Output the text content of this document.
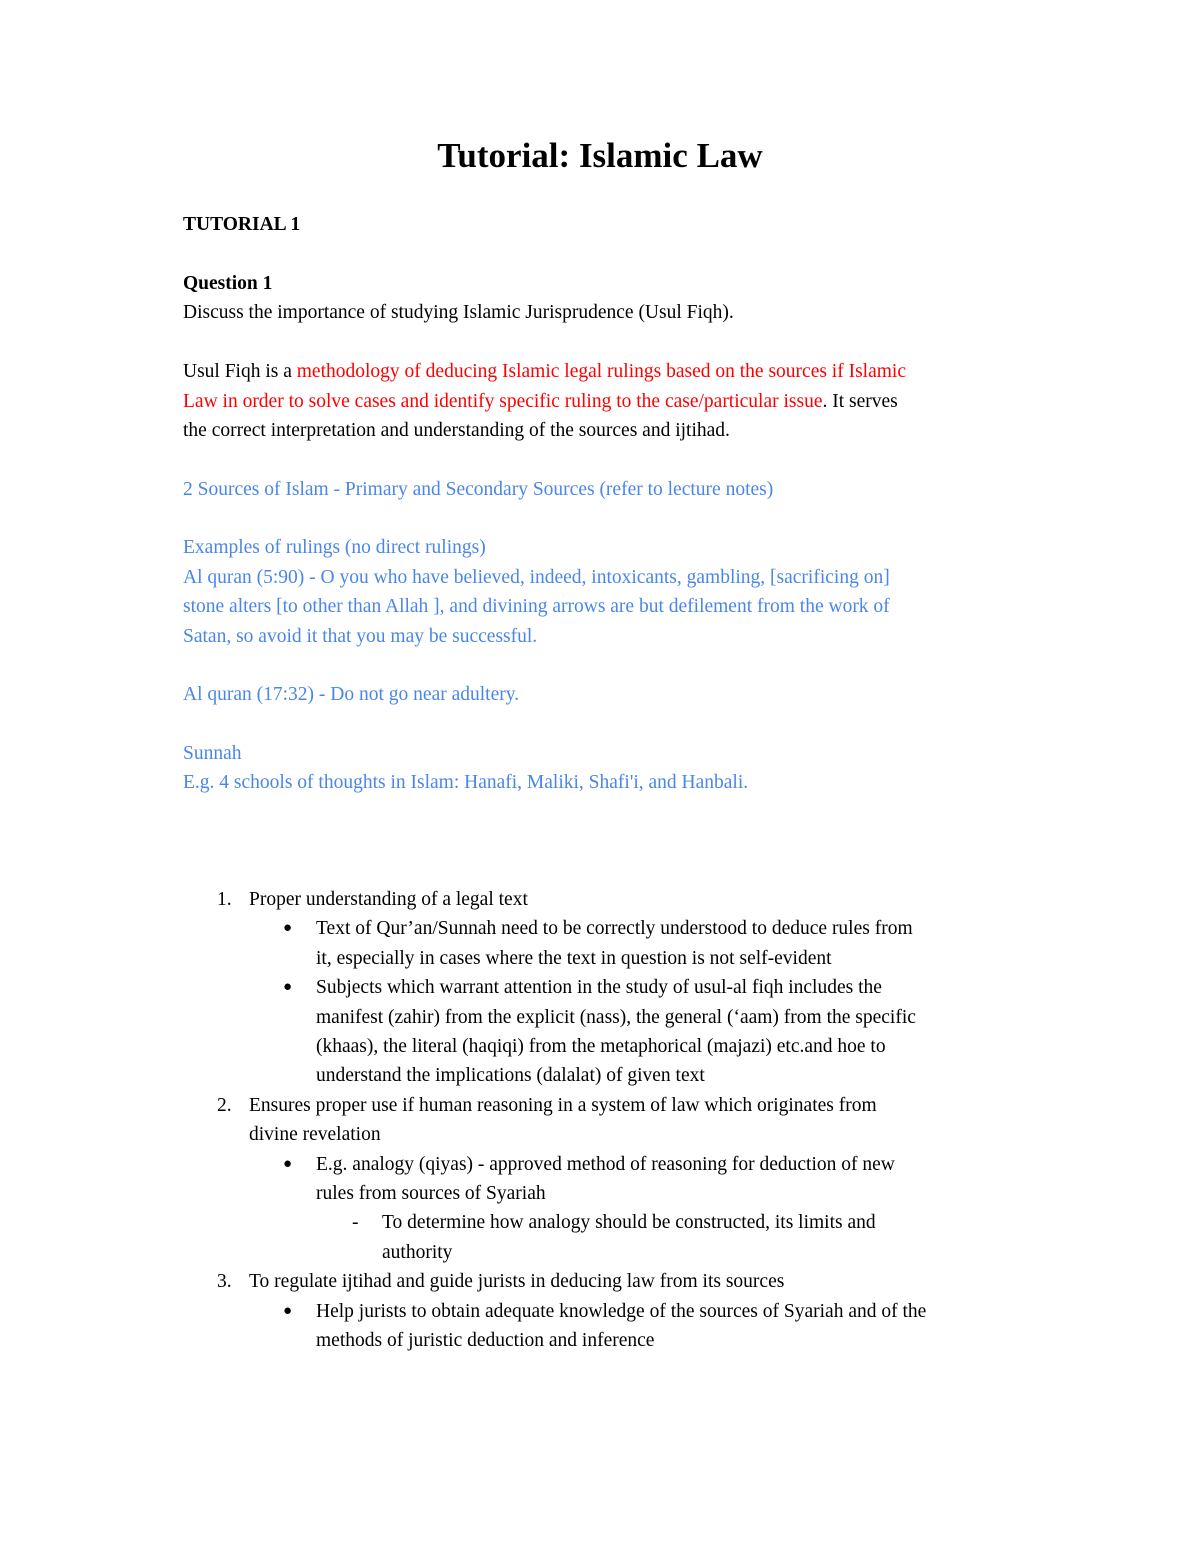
Tutorial: Islamic Law

TUTORIAL 1

Question 1

Discuss the importance of studying Islamic Jurisprudence (Usul Fiqh).

Usul Fiqh is a methodology of deducing Islamic legal rulings based on the sources if Islamic

Law in order to solve cases and identify specific ruling to the case/particular issue. It serves

the correct interpretation and understanding of the sources and ijtihad.

2 Sources of Islam - Primary and Secondary Sources (refer to lecture notes)

Examples of rulings (no direct rulings)

Al quran (5:90) - O you who have believed, indeed, intoxicants, gambling, [sacrificing on]

stone alters [to other than Allah ], and divining arrows are but defilement from the work of

Satan, so avoid it that you may be successful.

Al quran (17:32) - Do not go near adultery.

Sunnah

E.g. 4 schools of thoughts in Islam: Hanafi, Maliki, Shafi'i, and Hanbali.

1. Proper understanding of a legal text

● Text of Qur’an/Sunnah need to be correctly understood to deduce rules from

it, especially in cases where the text in question is not self-evident

● Subjects which warrant attention in the study of usul-al fiqh includes the

manifest (zahir) from the explicit (nass), the general (‘aam) from the specific

(khaas), the literal (haqiqi) from the metaphorical (majazi) etc.and hoe to

understand the implications (dalalat) of given text

2. Ensures proper use if human reasoning in a system of law which originates from

divine revelation

● E.g. analogy (qiyas) - approved method of reasoning for deduction of new

rules from sources of Syariah

- To determine how analogy should be constructed, its limits and

authority

3. To regulate ijtihad and guide jurists in deducing law from its sources

● Help jurists to obtain adequate knowledge of the sources of Syariah and of the

methods of juristic deduction and inference
